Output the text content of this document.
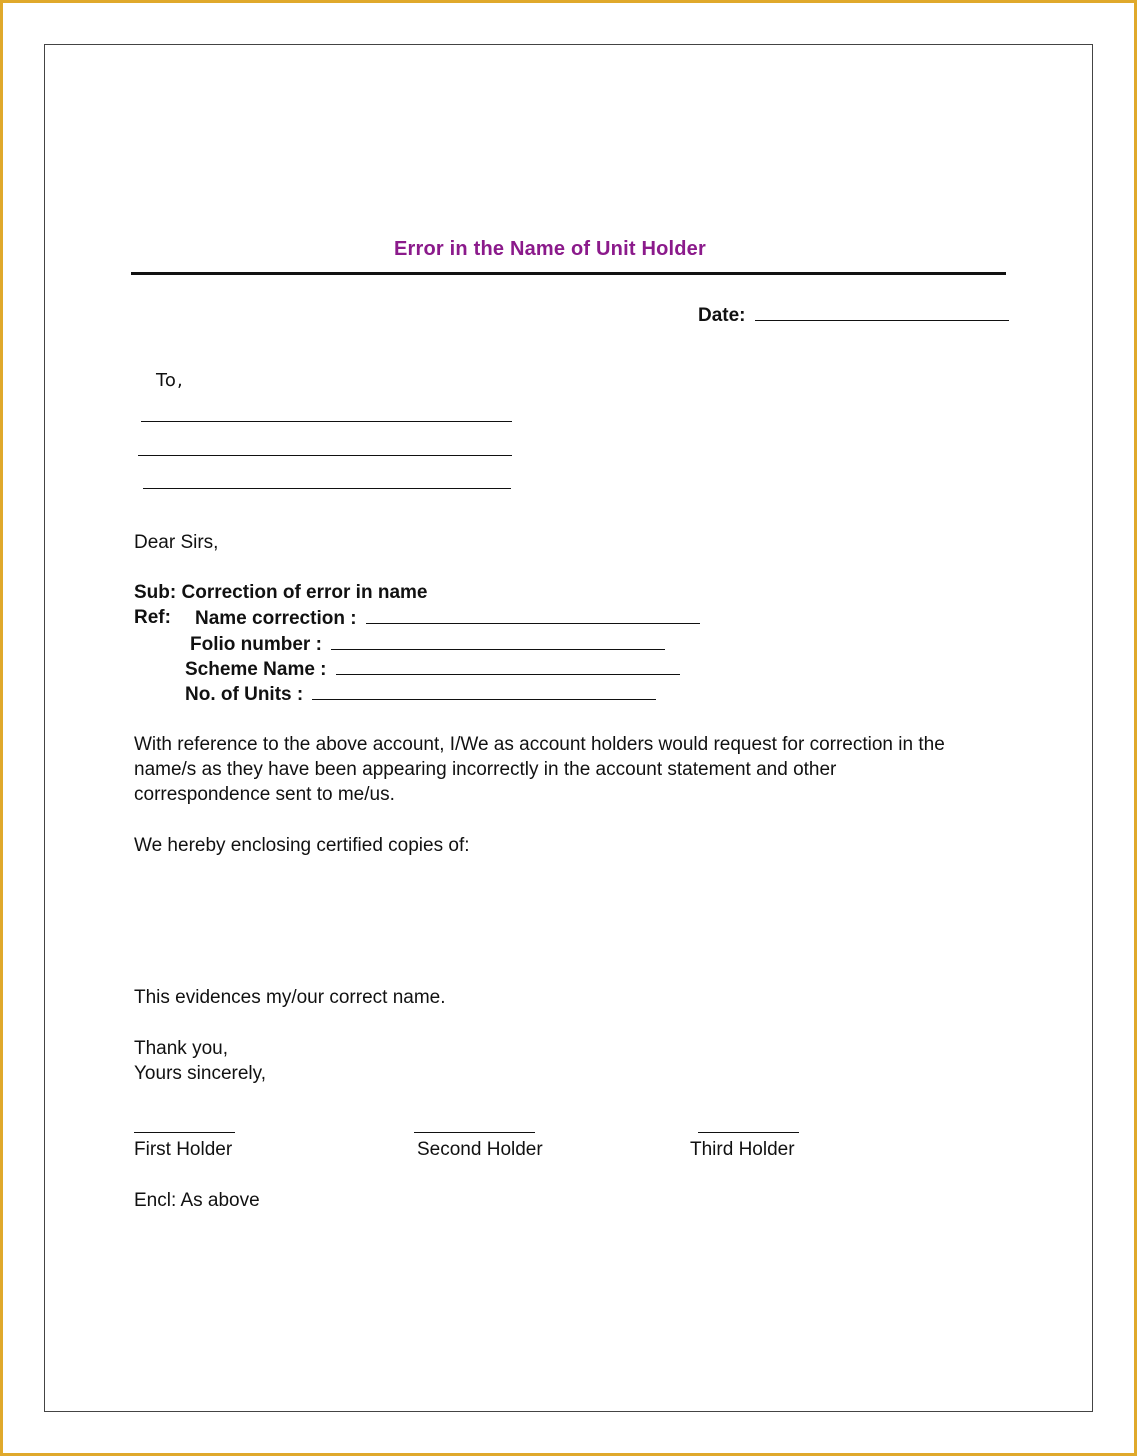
Error in the Name of Unit Holder
Date:
To,
Dear Sirs,
Sub: Correction of error in name
Ref: Name correction :
Folio number :
Scheme Name :
No. of Units :
With reference to the above account, I/We as account holders would request for correction in the
name/s as they have been appearing incorrectly in the account statement and other
correspondence sent to me/us.
We hereby enclosing certified copies of:
This evidences my/our correct name.
Thank you,
Yours sincerely,
First Holder	Second Holder	Third Holder
Encl: As above
